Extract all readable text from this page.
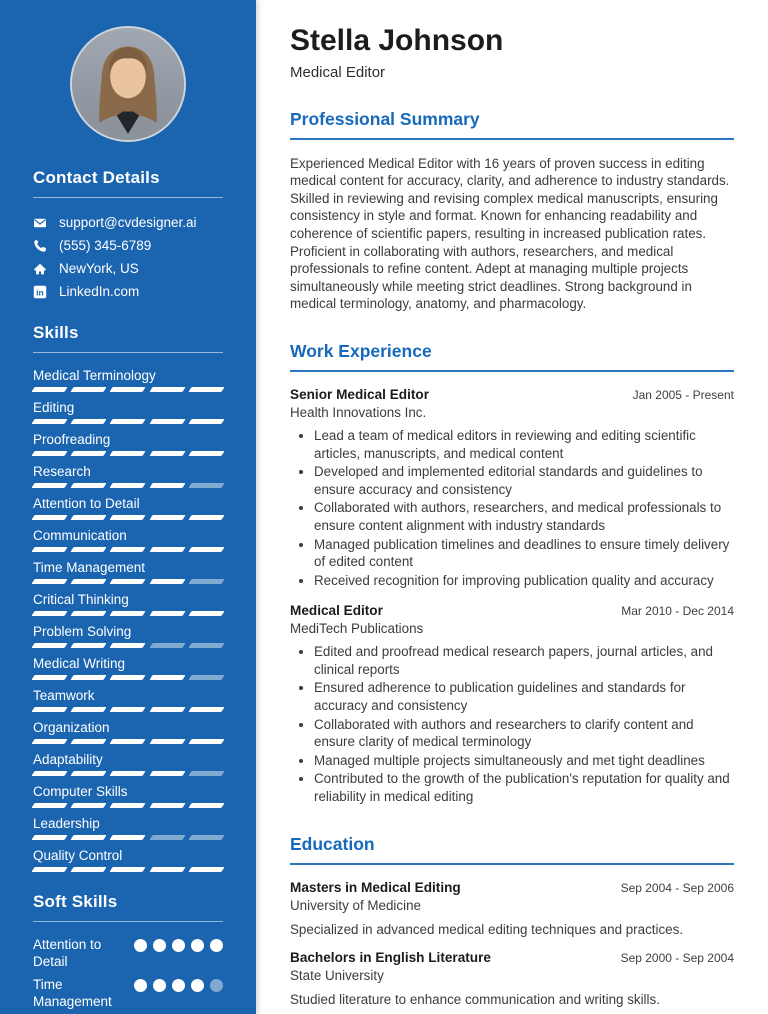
Contact Details
support@cvdesigner.ai
(555) 345-6789
NewYork, US
in LinkedIn.com
Skills
Medical Terminology
Editing
Proofreading
Research
Attention to Detail
Communication
Time Management
Critical Thinking
Problem Solving
Medical Writing
Teamwork
Organization
Adaptability
Computer Skills
Leadership
Quality Control
Soft Skills
Attention to Detail
Time Management
Stella Johnson
Medical Editor
Professional Summary

Experienced Medical Editor with 16 years of proven success in editing medical content for accuracy, clarity, and adherence to industry standards. Skilled in reviewing and revising complex medical manuscripts, ensuring consistency in style and format. Known for enhancing readability and coherence of scientific papers, resulting in increased publication rates. Proficient in collaborating with authors, researchers, and medical professionals to refine content. Adept at managing multiple projects simultaneously while meeting strict deadlines. Strong background in medical terminology, anatomy, and pharmacology.

Work Experience
Senior Medical Editor	Jan 2005 - Present
Health Innovations Inc.
• Lead a team of medical editors in reviewing and editing scientific articles, manuscripts, and medical content
• Developed and implemented editorial standards and guidelines to ensure accuracy and consistency
• Collaborated with authors, researchers, and medical professionals to ensure content alignment with industry standards
• Managed publication timelines and deadlines to ensure timely delivery of edited content
• Received recognition for improving publication quality and accuracy
Medical Editor	Mar 2010 - Dec 2014
MediTech Publications
• Edited and proofread medical research papers, journal articles, and clinical reports
• Ensured adherence to publication guidelines and standards for accuracy and consistency
• Collaborated with authors and researchers to clarify content and ensure clarity of medical terminology
• Managed multiple projects simultaneously and met tight deadlines
• Contributed to the growth of the publication's reputation for quality and reliability in medical editing
Education
Masters in Medical Editing	Sep 2004 - Sep 2006
University of Medicine
Specialized in advanced medical editing techniques and practices.
Bachelors in English Literature	Sep 2000 - Sep 2004
State University
Studied literature to enhance communication and writing skills.
